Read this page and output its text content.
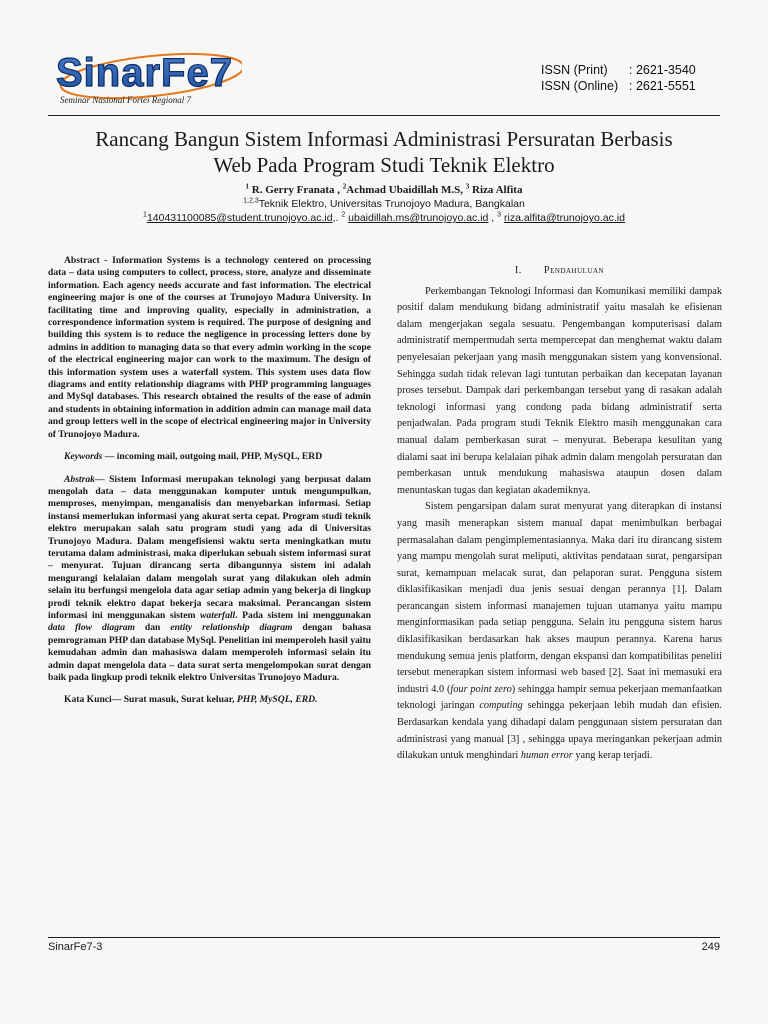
SinarFe7
Seminar Nasional Fortei Regional 7
ISSN (Print)	: 2621-3540
ISSN (Online) : 2621-5551
Rancang Bangun Sistem Informasi Administrasi Persuratan Berbasis
Web Pada Program Studi Teknik Elektro
$^1$ R. Gerry Franata , $^2$Achmad Ubaidillah M.S, $^3$ Riza Alfita
$^{1,2,3}$Teknik Elektro, Universitas Trunojoyo Madura, Bangkalan
$^1$140431100085@student.trunojoyo.ac.id,. $^2$ ubaidillah.ms@trunojoyo.ac.id , $^3$ riza.alfita@trunojoyo.ac.id

Abstract - Information Systems is a technology centered on processing data – data using computers to collect, process, store, analyze and disseminate information. Each agency needs accurate and fast information. The electrical engineering major is one of the courses at Trunojoyo Madura University. In facilitating time and improving quality, especially in administration, a correspondence information system is required. The purpose of designing and building this system is to reduce the negligence in processing letters done by admins in addition to managing data so that every admin working in the scope of the electrical engineering major can work to the maximum. The design of this information system uses a waterfall system. This system uses data flow diagrams and entity relationship diagrams with PHP programming languages and MySql databases. This research obtained the results of the ease of admin and students in obtaining information in addition admin can manage mail data and group letters well in the scope of electrical engineering major in University of Trunojoyo Madura.

Keywords — incoming mail, outgoing mail, PHP, MySQL, ERD

Abstrak— Sistem Informasi merupakan teknologi yang berpusat dalam mengolah data – data menggunakan komputer untuk mengumpulkan, memproses, menyimpan, menganalisis dan menyebarkan informasi. Setiap instansi memerlukan informasi yang akurat serta cepat. Program studi teknik elektro merupakan salah satu program studi yang ada di Universitas Trunojoyo Madura. Dalam mengefisiensi waktu serta meningkatkan mutu terutama dalam administrasi, maka diperlukan sebuah sistem informasi surat – menyurat. Tujuan dirancang serta dibangunnya sistem ini adalah mengurangi kelalaian dalam mengolah surat yang dilakukan oleh admin selain itu berfungsi mengelola data agar setiap admin yang bekerja di lingkup prodi teknik elektro dapat bekerja secara maksimal. Perancangan sistem informasi ini menggunakan sistem waterfall. Pada sistem ini menggunakan data flow diagram dan entity relationship diagram dengan bahasa pemrograman PHP dan database MySql. Penelitian ini memperoleh hasil yaitu kemudahan admin dan mahasiswa dalam memperoleh informasi selain itu admin dapat mengelola data – data surat serta mengelompokan surat dengan baik pada lingkup prodi teknik elektro Universitas Trunojoyo Madura.

Kata Kunci— Surat masuk, Surat keluar, PHP, MySQL, ERD.

I. Pendahuluan

Perkembangan Teknologi Informasi dan Komunikasi memiliki dampak positif dalam mendukung bidang administratif yaitu masalah ke efisienan dalam mengerjakan segala sesuatu. Pengembangan komputerisasi dalam administratif mempermudah serta mempercepat dan menghemat waktu dalam penyelesaian pekerjaan yang masih menggunakan sistem yang konvensional. Sehingga sudah tidak relevan lagi tuntutan perbaikan dan kecepatan layanan proses tersebut. Dampak dari perkembangan tersebut yang di rasakan adalah teknologi informasi yang condong pada bidang administratif serta penjadwalan. Pada program studi Teknik Elektro masih menggunakan cara manual dalam pemberkasan surat – menyurat. Beberapa kesulitan yang dialami saat ini berupa kelalaian pihak admin dalam mengolah persuratan dan pemberkasan untuk mendukung mahasiswa ataupun dosen dalam menuntaskan tugas dan kegiatan akademiknya.

Sistem pengarsipan dalam surat menyurat yang diterapkan di instansi yang masih menerapkan sistem manual dapat menimbulkan berbagai permasalahan dalam pengimplementasiannya. Maka dari itu dirancang sistem yang mampu mengolah surat meliputi, aktivitas pendataan surat, pengarsipan surat, kemampuan melacak surat, dan pelaporan surat. Pengguna sistem diklasifikasikan menjadi dua jenis sesuai dengan perannya [1]. Dalam perancangan sistem informasi manajemen tujuan utamanya yaitu mampu menginformasikan pada setiap pengguna. Selain itu pengguna sistem harus diklasifikasikan berdasarkan hak akses maupun perannya. Karena harus mendukung semua jenis platform, dengan ekspansi dan kompatibilitas peneliti tersebut menerapkan sistem informasi web based [2]. Saat ini memasuki era industri 4.0 (four point zero) sehingga hampir semua pekerjaan memanfaatkan teknologi jaringan computing sehingga pekerjaan lebih mudah dan efisien. Berdasarkan kendala yang dihadapi dalam penggunaan sistem persuratan dan administrasi yang manual [3] , sehingga upaya meringankan pekerjaan admin dilakukan untuk menghindari human error yang kerap terjadi.

SinarFe7-3	249
